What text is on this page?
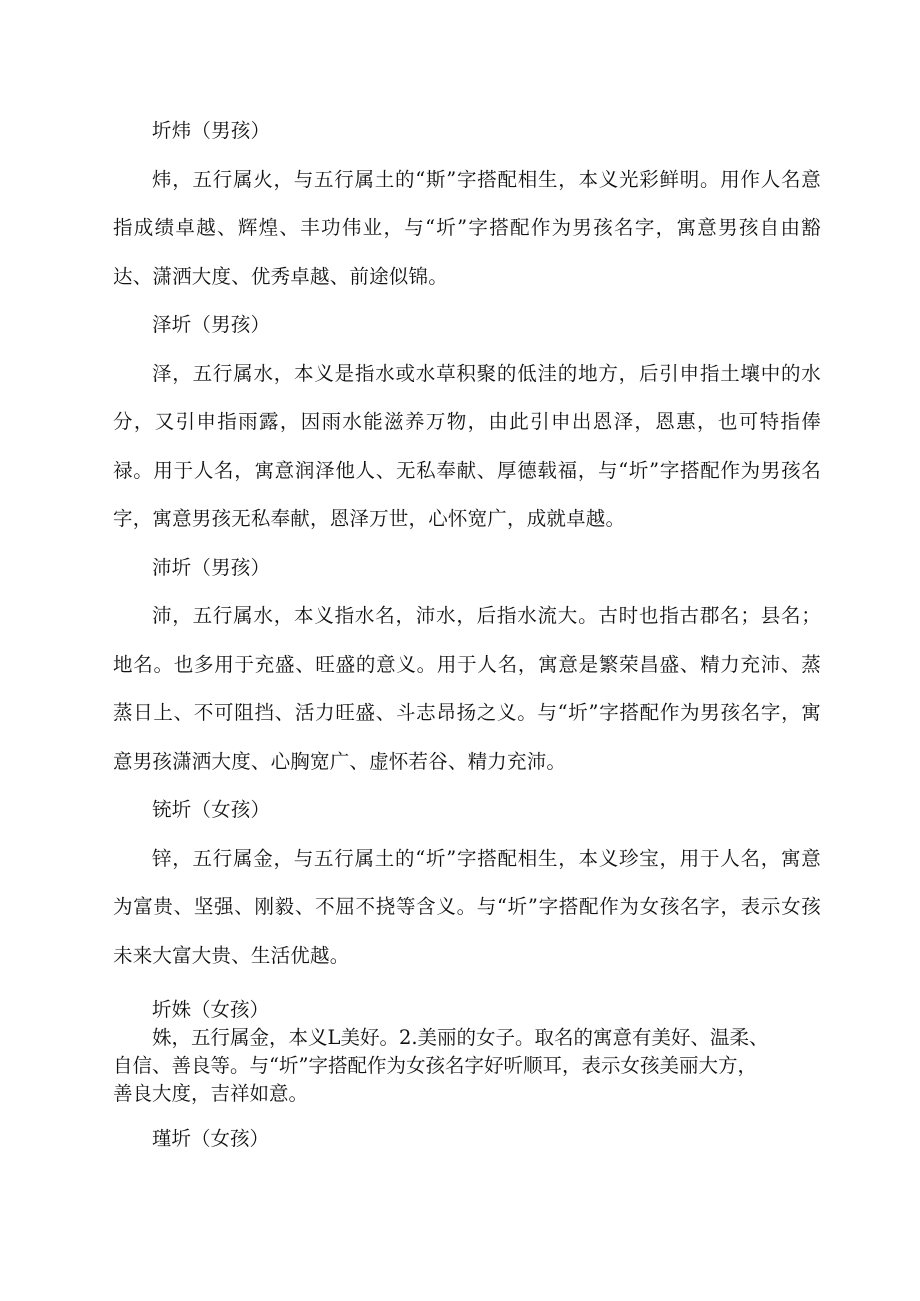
圻炜（男孩）

炜，五行属火，与五行属土的“斯”字搭配相生，本义光彩鲜明。用作人名意指成绩卓越、辉煌、丰功伟业，与“圻”字搭配作为男孩名字，寓意男孩自由豁达、潇洒大度、优秀卓越、前途似锦。

泽圻（男孩）

泽，五行属水，本义是指水或水草积聚的低洼的地方，后引申指土壤中的水分，又引申指雨露，因雨水能滋养万物，由此引申出恩泽，恩惠，也可特指俸禄。用于人名，寓意润泽他人、无私奉献、厚德载福，与“圻”字搭配作为男孩名字，寓意男孩无私奉献，恩泽万世，心怀宽广，成就卓越。

沛圻（男孩）

沛，五行属水，本义指水名，沛水，后指水流大。古时也指古郡名；县名；地名。也多用于充盛、旺盛的意义。用于人名，寓意是繁荣昌盛、精力充沛、蒸蒸日上、不可阻挡、活力旺盛、斗志昂扬之义。与“圻”字搭配作为男孩名字，寓意男孩潇洒大度、心胸宽广、虚怀若谷、精力充沛。

铳圻（女孩）

锌，五行属金，与五行属土的“圻”字搭配相生，本义珍宝，用于人名，寓意为富贵、坚强、刚毅、不屈不挠等含义。与“圻”字搭配作为女孩名字，表示女孩未来大富大贵、生活优越。

圻姝（女孩）

姝，五行属金，本义L美好。2.美丽的女子。取名的寓意有美好、温柔、

自信、善良等。与“圻”字搭配作为女孩名字好听顺耳，表示女孩美丽大方，

善良大度，吉祥如意。

瑾圻（女孩）
